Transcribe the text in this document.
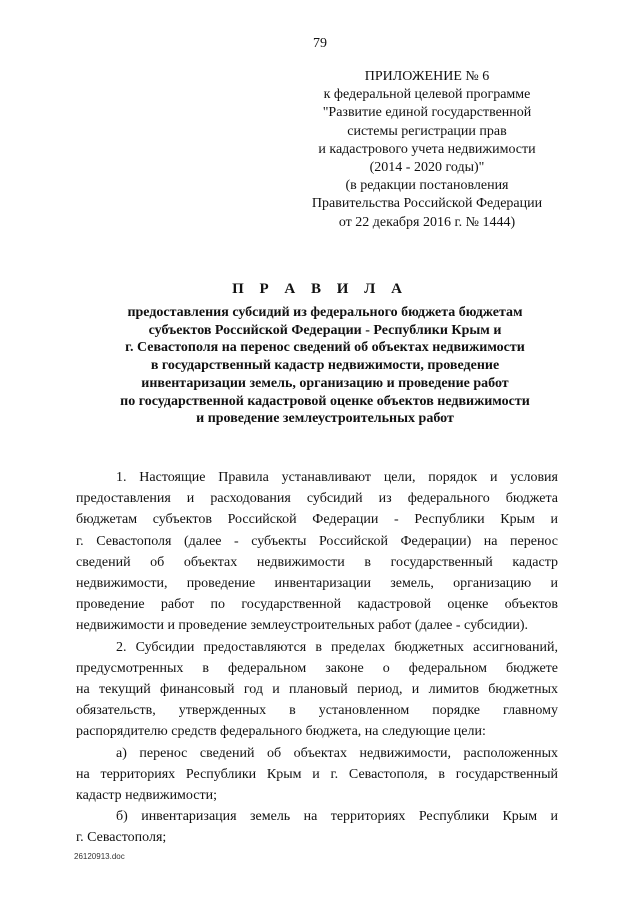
79
ПРИЛОЖЕНИЕ № 6
к федеральной целевой программе
"Развитие единой государственной
системы регистрации прав
и кадастрового учета недвижимости
(2014 - 2020 годы)"
(в редакции постановления
Правительства Российской Федерации
от 22 декабря 2016 г. № 1444)
П Р А В И Л А
предоставления субсидий из федерального бюджета бюджетам
субъектов Российской Федерации - Республики Крым и
г. Севастополя на перенос сведений об объектах недвижимости
в государственный кадастр недвижимости, проведение
инвентаризации земель, организацию и проведение работ
по государственной кадастровой оценке объектов недвижимости
и проведение землеустроительных работ
1. Настоящие Правила устанавливают цели, порядок и условия
предоставления и расходования субсидий из федерального бюджета
бюджетам субъектов Российской Федерации - Республики Крым и
г. Севастополя (далее - субъекты Российской Федерации) на перенос
сведений об объектах недвижимости в государственный кадастр
недвижимости, проведение инвентаризации земель, организацию и
проведение работ по государственной кадастровой оценке объектов
недвижимости и проведение землеустроительных работ (далее - субсидии).
2. Субсидии предоставляются в пределах бюджетных ассигнований,
предусмотренных в федеральном законе о федеральном бюджете
на текущий финансовый год и плановый период, и лимитов бюджетных
обязательств, утвержденных в установленном порядке главному
распорядителю средств федерального бюджета, на следующие цели:
а) перенос сведений об объектах недвижимости, расположенных
на территориях Республики Крым и г. Севастополя, в государственный
кадастр недвижимости;
б) инвентаризация земель на территориях Республики Крым и
г. Севастополя;
26120913.doc
